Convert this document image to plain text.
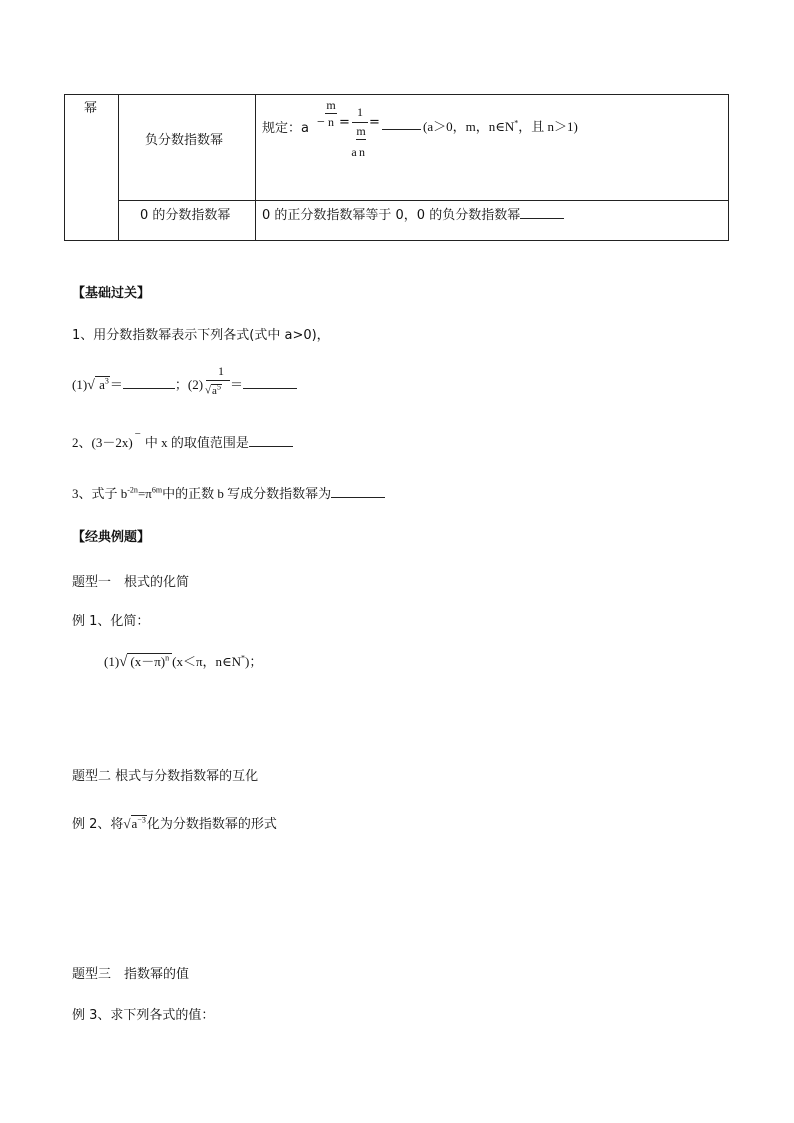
幂
负分数指数幂
规定：a −
m
n =
1
m
a n
=	(a＞0，m，n∈N*，且 n＞1)
0 的分数指数幂 0 的正分数指数幂等于 0，0 的负分数指数幂
【基础过关】
1、用分数指数幂表示下列各式(式中 a>0)，
(1)√ $a^3=$	；(2)
1
$√a^5$ ＝
2、(3－2x)−中 x 的取值范围是
3、式子 $b^{-2n}=\pi^{6m}$中的正数 b 写成分数指数幂为
【经典例题】
题型一　根式的化简
例 1、化简：
(1)√ $(x-\pi)^n$ (x＜π，n∈N*)；
题型二 根式与分数指数幂的互化
例 2、将$√a^{-3}$化为分数指数幂的形式
题型三　指数幂的值
例 3、求下列各式的值：
